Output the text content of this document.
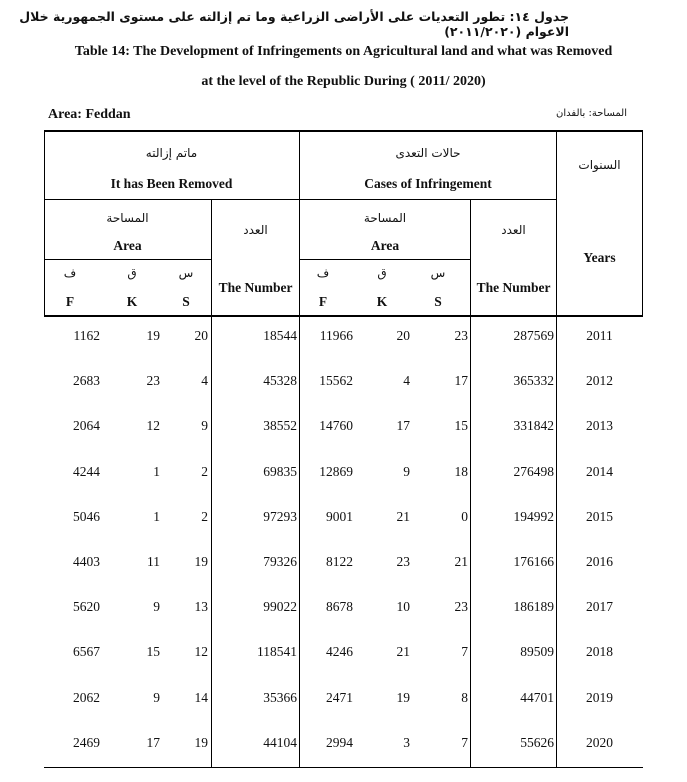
جدول ١٤: تطور التعديات على الأراضى الزراعية وما تم إزالته على مستوى الجمهورية خلال الاعوام (٢٠١١/٢٠٢٠)
Table 14: The Development of Infringements on Agricultural land and what was Removed
at the level of the Republic During ( 2011/ 2020)
Area: Feddan	المساحة: بالفدان
ماتم إزالته
It has Been Removed
حالات التعدى
Cases of Infringement
السنوات
Years
المساحة
Area
العدد
The Number
المساحة
Area
العدد
The Number
ف
F
ق
K
س
S
ف
F
ق
K
س
S
1162	19	20	18544	11966	20	23	287569	2011
2683	23	4	45328	15562	4	17	365332	2012
2064	12	9	38552	14760	17	15	331842	2013
4244	1	2	69835	12869	9	18	276498	2014
5046	1	2	97293	9001	21	0	194992	2015
4403	11	19	79326	8122	23	21	176166	2016
5620	9	13	99022	8678	10	23	186189	2017
6567	15	12	118541	4246	21	7	89509	2018
2062	9	14	35366	2471	19	8	44701	2019
2469	17	19	44104	2994	3	7	55626	2020
